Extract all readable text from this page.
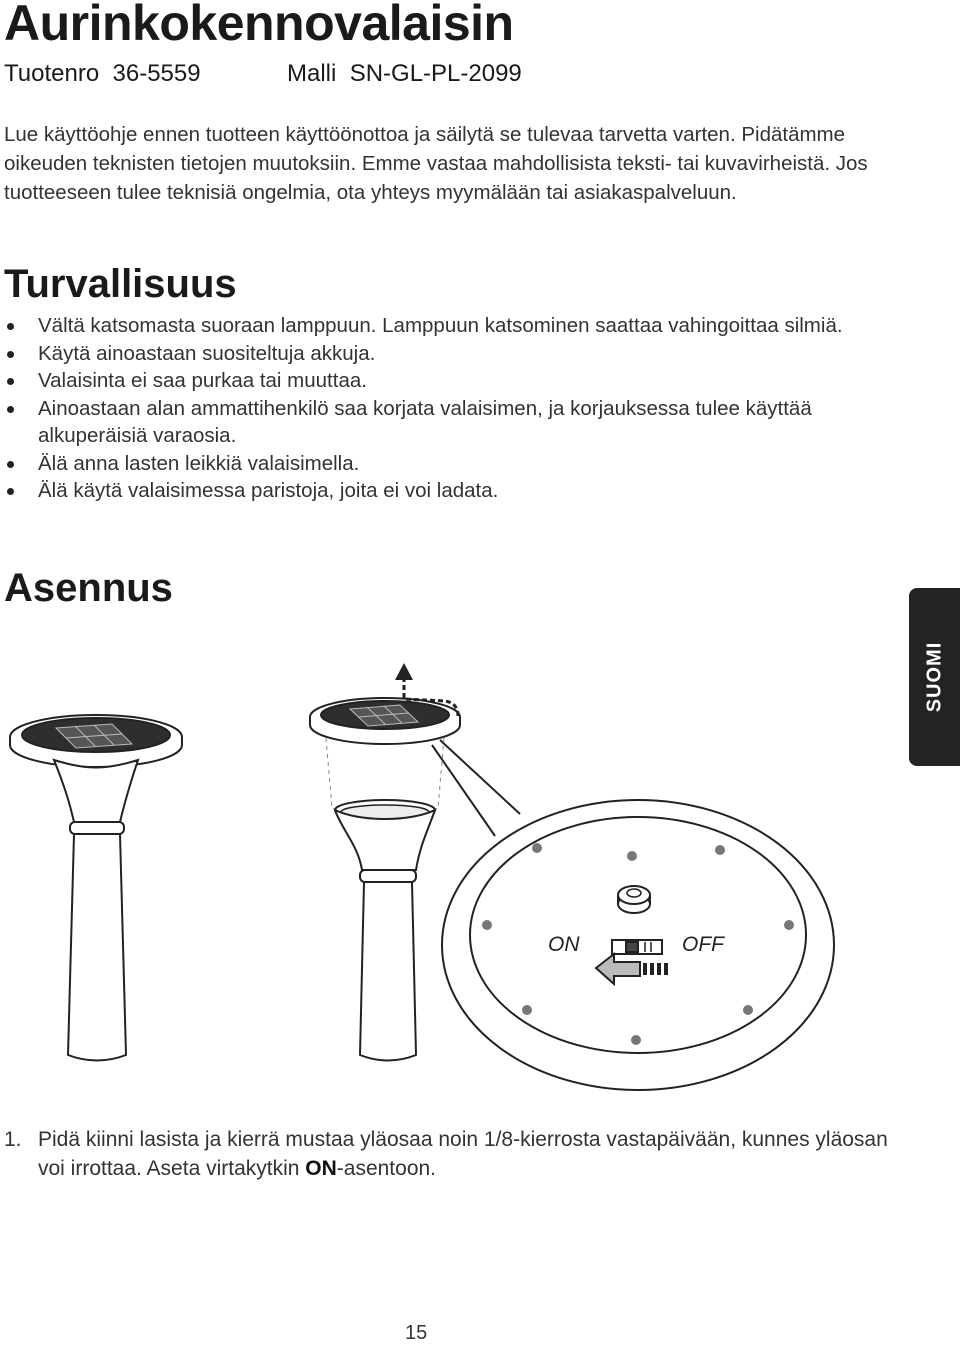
Aurinkokennovalaisin
Tuotenro 36-5559	Malli SN-GL-PL-2099

Lue käyttöohje ennen tuotteen käyttöönottoa ja säilytä se tulevaa tarvetta varten. Pidätämme oikeuden teknisten tietojen muutoksiin. Emme vastaa mahdollisista teksti- tai kuvavirheistä. Jos tuotteeseen tulee teknisiä ongelmia, ota yhteys myymälään tai asiakaspalveluun.

Turvallisuus
Vältä katsomasta suoraan lamppuun. Lamppuun katsominen saattaa vahingoittaa silmiä.
Käytä ainoastaan suositeltuja akkuja.
Valaisinta ei saa purkaa tai muuttaa.
Ainoastaan alan ammattihenkilö saa korjata valaisimen, ja korjauksessa tulee käyttää alkuperäisiä varaosia.
Älä anna lasten leikkiä valaisimella.
Älä käytä valaisimessa paristoja, joita ei voi ladata.
Asennus
SUOMI
ON	OFF
1. Pidä kiinni lasista ja kierrä mustaa yläosaa noin 1/8-kierrosta vastapäivään, kunnes yläosan voi irrottaa. Aseta virtakytkin ON-asentoon.
15
